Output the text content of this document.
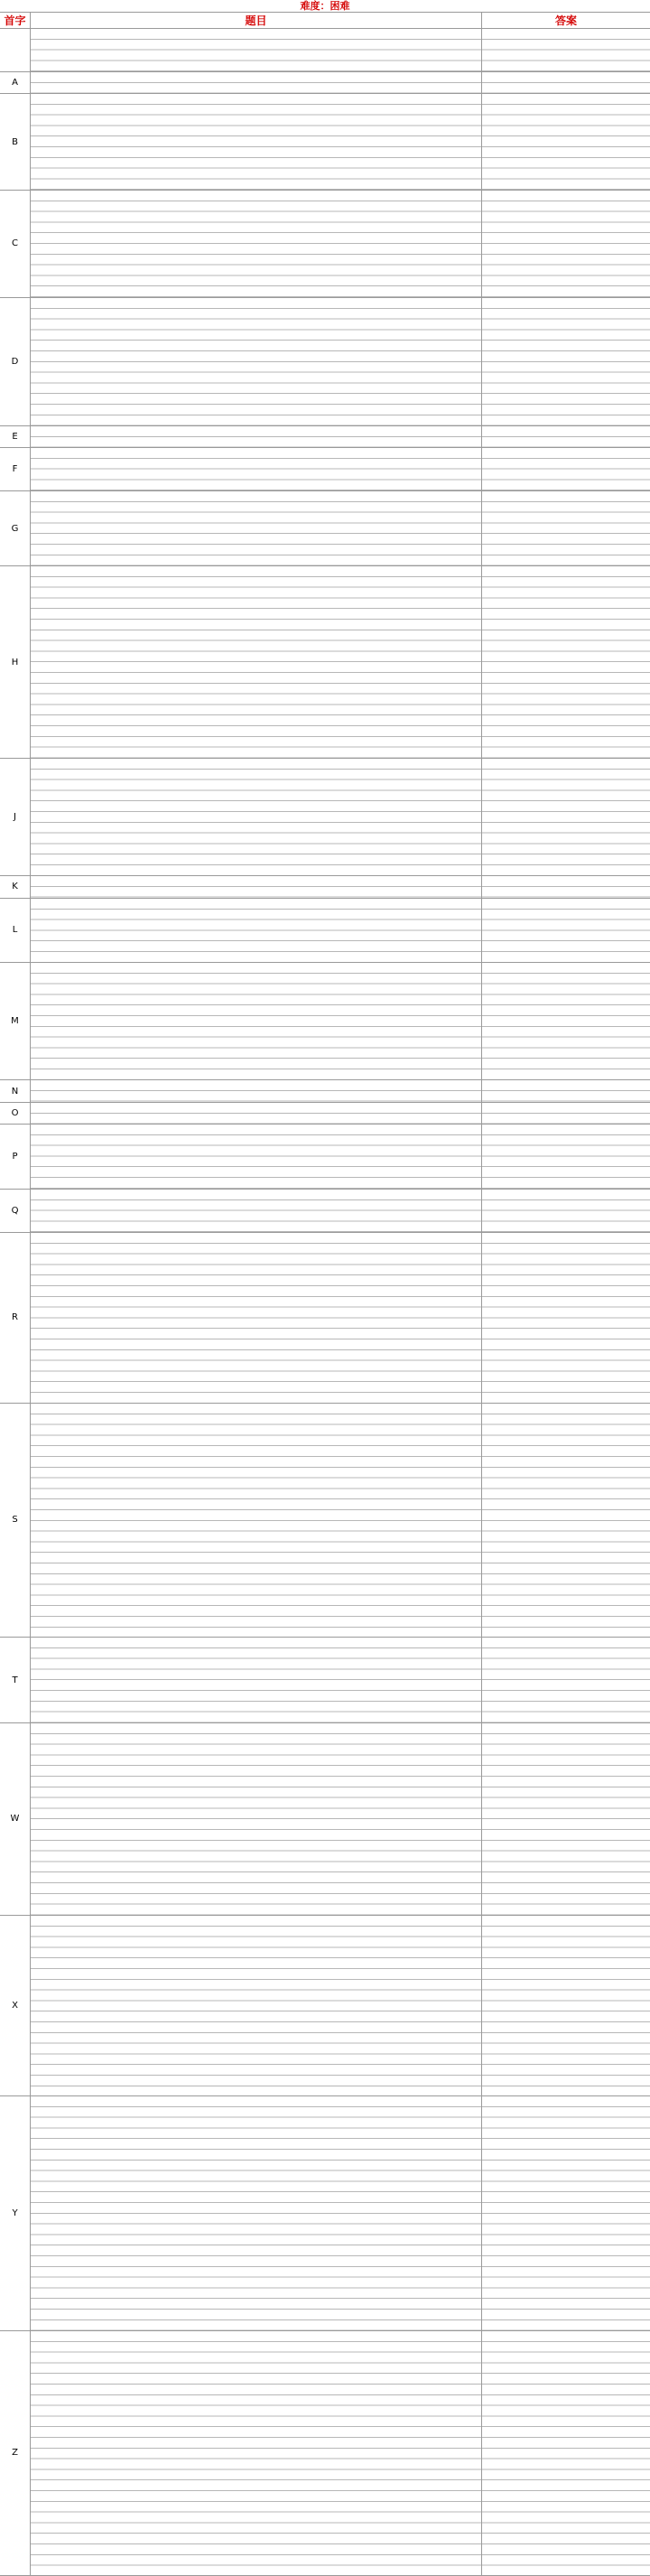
难度：困难
首字	题目	答案
A
B
C
D
E
F
G
H
J
K
L
M
N
O
P
Q
R
S
T
W
X
Y
Z
